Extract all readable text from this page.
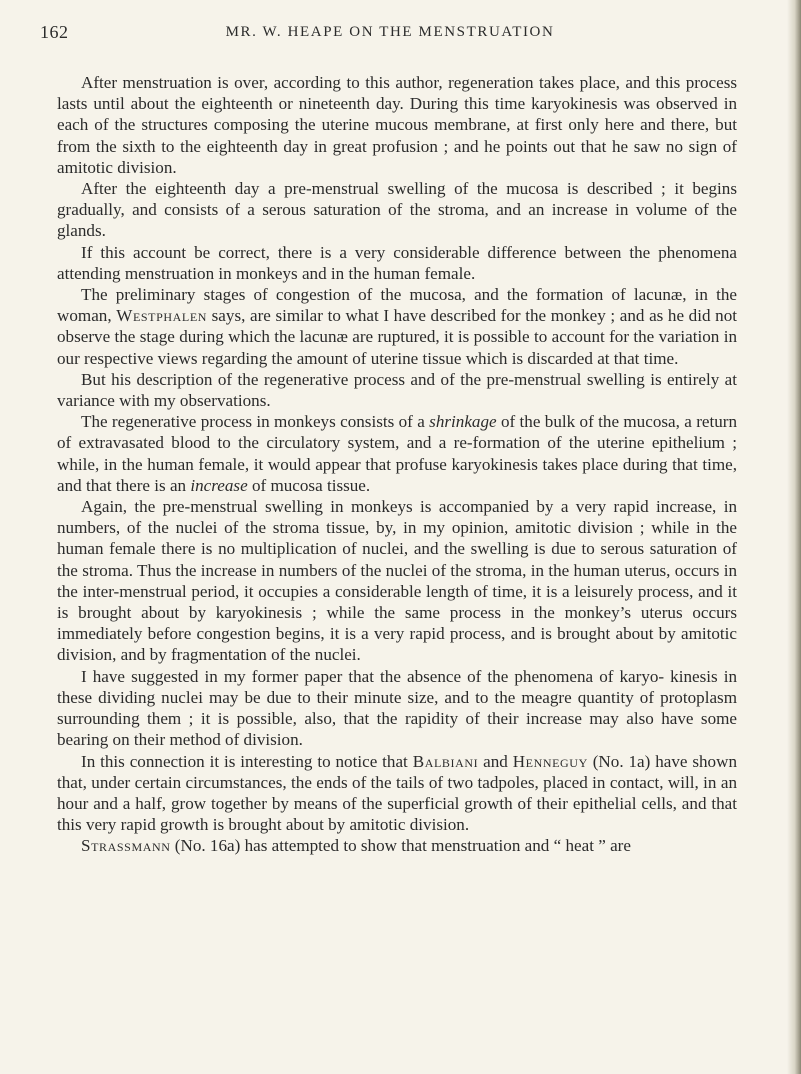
162	MR. W. HEAPE ON THE MENSTRUATION

After menstruation is over, according to this author, regeneration takes place, and this process lasts until about the eighteenth or nineteenth day. During this time karyokinesis was observed in each of the structures composing the uterine mucous membrane, at first only here and there, but from the sixth to the eighteenth day in great profusion ; and he points out that he saw no sign of amitotic division.

After the eighteenth day a pre-menstrual swelling of the mucosa is described ; it begins gradually, and consists of a serous saturation of the stroma, and an increase in volume of the glands.

If this account be correct, there is a very considerable difference between the phenomena attending menstruation in monkeys and in the human female.

The preliminary stages of congestion of the mucosa, and the formation of lacunæ, in the woman, Westphalen says, are similar to what I have described for the monkey ; and as he did not observe the stage during which the lacunæ are ruptured, it is possible to account for the variation in our respective views regarding the amount of uterine tissue which is discarded at that time.

But his description of the regenerative process and of the pre-menstrual swelling is entirely at variance with my observations.

The regenerative process in monkeys consists of a shrinkage of the bulk of the mucosa, a return of extravasated blood to the circulatory system, and a re-formation of the uterine epithelium ; while, in the human female, it would appear that profuse karyokinesis takes place during that time, and that there is an increase of mucosa tissue.

Again, the pre-menstrual swelling in monkeys is accompanied by a very rapid increase, in numbers, of the nuclei of the stroma tissue, by, in my opinion, amitotic division ; while in the human female there is no multiplication of nuclei, and the swelling is due to serous saturation of the stroma. Thus the increase in numbers of the nuclei of the stroma, in the human uterus, occurs in the inter-menstrual period, it occupies a considerable length of time, it is a leisurely process, and it is brought about by karyokinesis ; while the same process in the monkey’s uterus occurs immediately before congestion begins, it is a very rapid process, and is brought about by amitotic division, and by fragmentation of the nuclei.

I have suggested in my former paper that the absence of the phenomena of karyo- kinesis in these dividing nuclei may be due to their minute size, and to the meagre quantity of protoplasm surrounding them ; it is possible, also, that the rapidity of their increase may also have some bearing on their method of division.

In this connection it is interesting to notice that Balbiani and Henneguy (No. 1a) have shown that, under certain circumstances, the ends of the tails of two tadpoles, placed in contact, will, in an hour and a half, grow together by means of the superficial growth of their epithelial cells, and that this very rapid growth is brought about by amitotic division.

Strassmann (No. 16a) has attempted to show that menstruation and “ heat ” are
